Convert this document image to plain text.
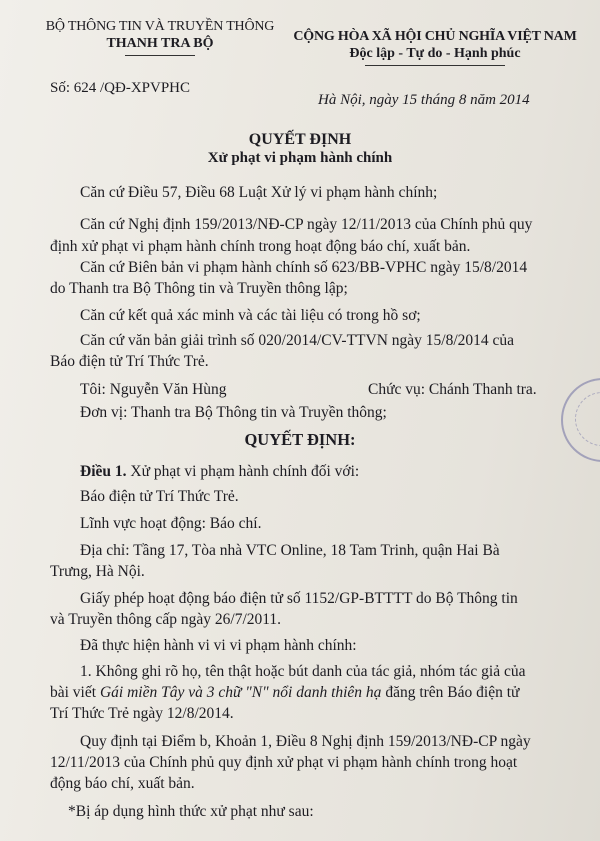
BỘ THÔNG TIN VÀ TRUYỀN THÔNG
THANH TRA BỘ	CỘNG HÒA XÃ HỘI CHỦ NGHĨA VIỆT NAM
Độc lập - Tự do - Hạnh phúc
Số: 624 /QĐ-XPVPHC
Hà Nội, ngày 15 tháng 8 năm 2014
QUYẾT ĐỊNH
Xử phạt vi phạm hành chính
Căn cứ Điều 57, Điều 68 Luật Xử lý vi phạm hành chính;
Căn cứ Nghị định 159/2013/NĐ-CP ngày 12/11/2013 của Chính phủ quy
định xử phạt vi phạm hành chính trong hoạt động báo chí, xuất bản.
Căn cứ Biên bản vi phạm hành chính số 623/BB-VPHC ngày 15/8/2014
do Thanh tra Bộ Thông tin và Truyền thông lập;
Căn cứ kết quả xác minh và các tài liệu có trong hồ sơ;
Căn cứ văn bản giải trình số 020/2014/CV-TTVN ngày 15/8/2014 của
Báo điện tử Trí Thức Trẻ.
Tôi: Nguyễn Văn Hùng	Chức vụ: Chánh Thanh tra.
Đơn vị: Thanh tra Bộ Thông tin và Truyền thông;
QUYẾT ĐỊNH:
Điều 1. Xử phạt vi phạm hành chính đối với:
Báo điện tử Trí Thức Trẻ.
Lĩnh vực hoạt động: Báo chí.
Địa chỉ: Tầng 17, Tòa nhà VTC Online, 18 Tam Trinh, quận Hai Bà
Trưng, Hà Nội.
Giấy phép hoạt động báo điện tử số 1152/GP-BTTTT do Bộ Thông tin
và Truyền thông cấp ngày 26/7/2011.
Đã thực hiện hành vi vi vi phạm hành chính:
1. Không ghi rõ họ, tên thật hoặc bút danh của tác giả, nhóm tác giả của
bài viết Gái miền Tây và 3 chữ "N" nổi danh thiên hạ đăng trên Báo điện tử
Trí Thức Trẻ ngày 12/8/2014.
Quy định tại Điểm b, Khoản 1, Điều 8 Nghị định 159/2013/NĐ-CP ngày
12/11/2013 của Chính phủ quy định xử phạt vi phạm hành chính trong hoạt
động báo chí, xuất bản.
*Bị áp dụng hình thức xử phạt như sau:
